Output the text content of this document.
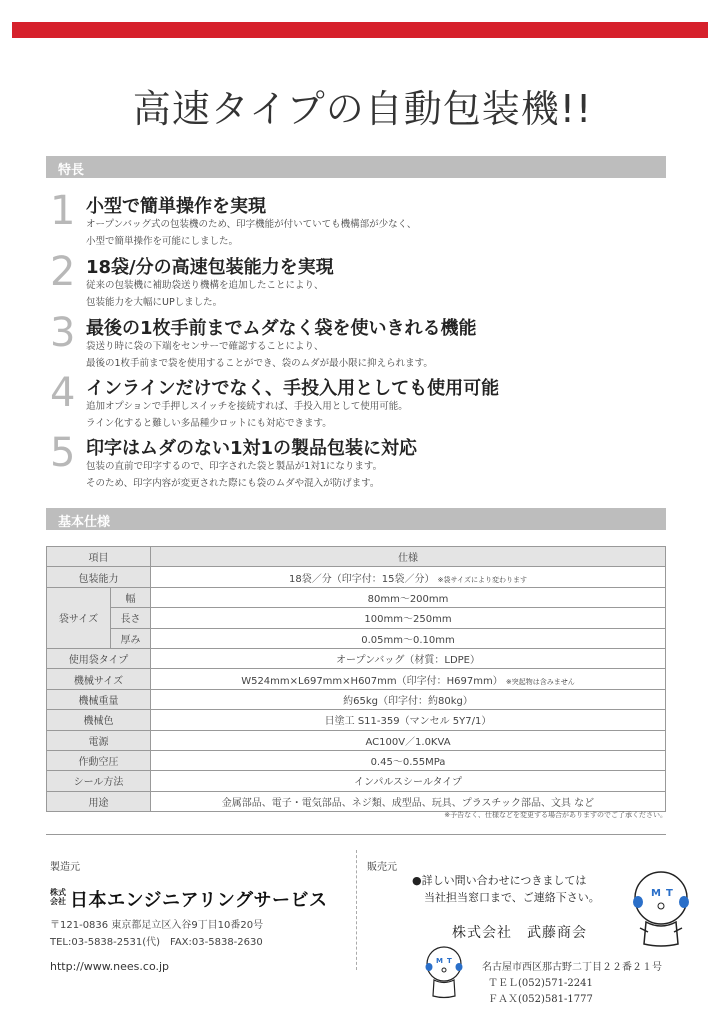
高速タイプの自動包装機!!
特長
1 小型で簡単操作を実現
オープンバッグ式の包装機のため、印字機能が付いていても機構部が少なく、
小型で簡単操作を可能にしました。
2 18袋/分の高速包装能力を実現
従来の包装機に補助袋送り機構を追加したことにより、
包装能力を大幅にUPしました。
3 最後の1枚手前までムダなく袋を使いきれる機能
袋送り時に袋の下端をセンサーで確認することにより、
最後の1枚手前まで袋を使用することができ、袋のムダが最小限に抑えられます。
4 インラインだけでなく、手投入用としても使用可能
追加オプションで手押しスイッチを接続すれば、手投入用として使用可能。
ライン化すると難しい多品種少ロットにも対応できます。
5 印字はムダのない1対1の製品包装に対応
包装の直前で印字するので、印字された袋と製品が1対1になります。
そのため、印字内容が変更された際にも袋のムダや混入が防げます。
基本仕様
項目		仕様
包装能力		18袋／分（印字付：15袋／分） ※袋サイズにより変わります
袋サイズ	幅	80mm～200mm
	長さ	100mm～250mm
	厚み	0.05mm～0.10mm
使用袋タイプ		オープンバッグ（材質：LDPE）
機械サイズ		W524mm×L697mm×H607mm（印字付：H697mm） ※突起物は含みません
機械重量		約65kg（印字付：約80kg）
機械色		日塗工 S11-359（マンセル 5Y7/1）
電源		AC100V／1.0KVA
作動空圧		0.45～0.55MPa
シール方法		インパルスシールタイプ
用途		金属部品、電子・電気部品、ネジ類、成型品、玩具、プラスチック部品、文具 など
※予告なく、仕様などを変更する場合がありますのでご了承ください。
製造元
株式会社 日本エンジニアリングサービス
〒121-0836 東京都足立区入谷9丁目10番20号
TEL:03-5838-2531(代)　FAX:03-5838-2630
http://www.nees.co.jp
販売元
●詳しい問い合わせにつきましては
当社担当窓口まで、ご連絡下さい。
株式会社　武藤商会
名古屋市西区那古野二丁目２２番２１号
ＴＥＬ(052)571-2241
ＦＡＸ(052)581-1777
M T
M T
